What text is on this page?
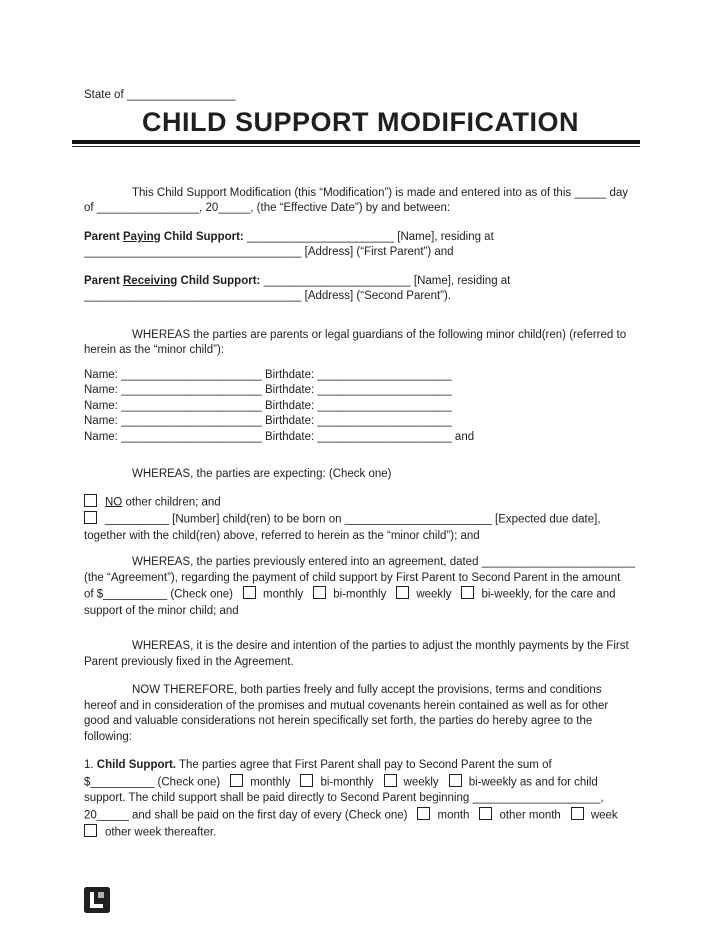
State of _________________
CHILD SUPPORT MODIFICATION
This Child Support Modification (this “Modification”) is made and entered into as of this _____ day
of ________________, 20_____, (the “Effective Date”) by and between:
Parent Paying Child Support: _______________________ [Name], residing at
__________________________________ [Address] (“First Parent”) and
Parent Receiving Child Support: _______________________ [Name], residing at
__________________________________ [Address] (“Second Parent”).
WHEREAS the parties are parents or legal guardians of the following minor child(ren) (referred to
herein as the “minor child”):
Name: ______________________ Birthdate: _____________________
Name: ______________________ Birthdate: _____________________
Name: ______________________ Birthdate: _____________________
Name: ______________________ Birthdate: _____________________
Name: ______________________ Birthdate: _____________________ and
WHEREAS, the parties are expecting: (Check one)
NO other children; and
__________ [Number] child(ren) to be born on _______________________ [Expected due date],
together with the child(ren) above, referred to herein as the “minor child”); and
WHEREAS, the parties previously entered into an agreement, dated ________________________
(the “Agreement”), regarding the payment of child support by First Parent to Second Parent in the amount
of $__________ (Check one)	monthly	bi-monthly	weekly	bi-weekly, for the care and
support of the minor child; and
WHEREAS, it is the desire and intention of the parties to adjust the monthly payments by the First
Parent previously fixed in the Agreement.
NOW THEREFORE, both parties freely and fully accept the provisions, terms and conditions
hereof and in consideration of the promises and mutual covenants herein contained as well as for other
good and valuable considerations not herein specifically set forth, the parties do hereby agree to the
following:
1. Child Support. The parties agree that First Parent shall pay to Second Parent the sum of
$__________ (Check one)	monthly	bi-monthly	weekly	bi-weekly as and for child
support. The child support shall be paid directly to Second Parent beginning ____________________,
20_____ and shall be paid on the first day of every (Check one)	month	other month	week
other week thereafter.
